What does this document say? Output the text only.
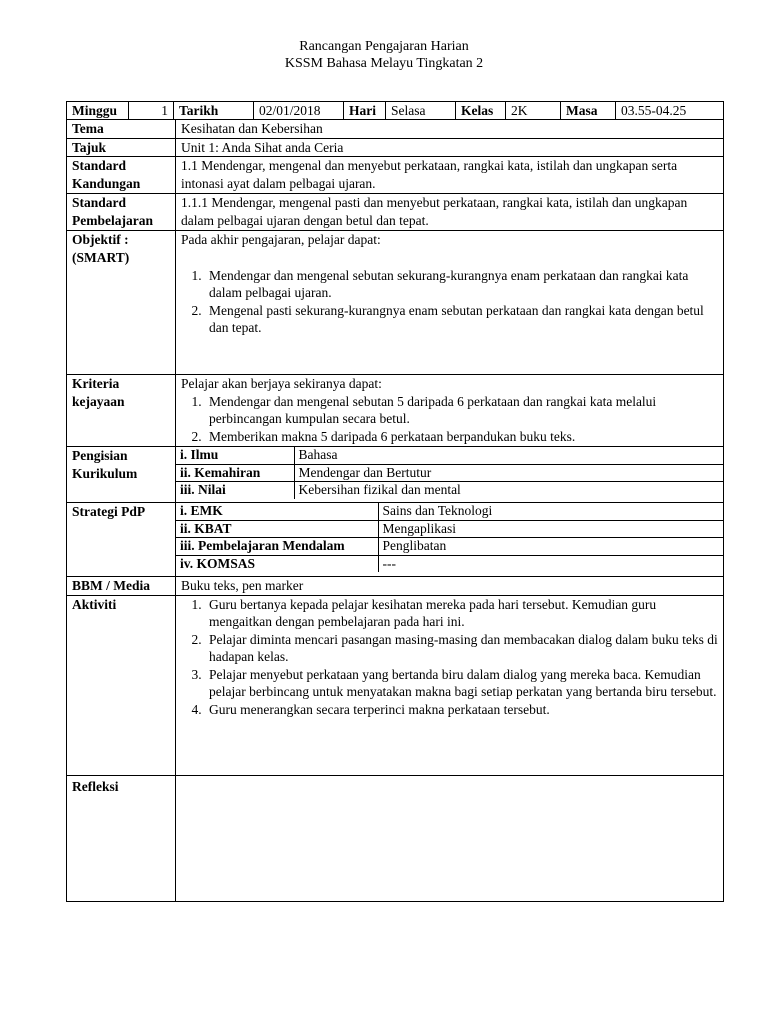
Rancangan Pengajaran Harian
KSSM Bahasa Melayu Tingkatan 2
Minggu	1	Tarikh	02/01/2018	Hari	Selasa	Kelas	2K	Masa	03.55-04.25
Tema	Kesihatan dan Kebersihan
Tajuk	Unit 1: Anda Sihat anda Ceria

Standard
Kandungan
	1.1 Mendengar, mengenal dan menyebut perkataan, rangkai kata, istilah dan ungkapan serta intonasi ayat dalam pelbagai ujaran.

Standard
Pembelajaran
	1.1.1 Mendengar, mengenal pasti dan menyebut perkataan, rangkai kata, istilah dan ungkapan dalam pelbagai ujaran dengan betul dan tepat.

Objektif :
(SMART)

Pada akhir pengajaran, pelajar dapat:
1. Mendengar dan mengenal sebutan sekurang-kurangnya enam perkataan dan rangkai kata dalam pelbagai ujaran.
2. Mengenal pasti sekurang-kurangnya enam sebutan perkataan dan rangkai kata dengan betul dan tepat.

Kriteria
kejayaan

Pelajar akan berjaya sekiranya dapat:
1. Mendengar dan mengenal sebutan 5 daripada 6 perkataan dan rangkai kata melalui perbincangan kumpulan secara betul.
2. Memberikan makna 5 daripada 6 perkataan berpandukan buku teks.

Pengisian
Kurikulum

i. Ilmu	Bahasa
ii. Kemahiran	Mendengar dan Bertutur
iii. Nilai	Kebersihan fizikal dan mental

Strategi PdP		i. EMK	Sains dan Teknologi
ii. KBAT	Mengaplikasi
iii. Pembelajaran Mendalam	Penglibatan
iv. KOMSAS	---

BBM / Media	Buku teks, pen marker
Aktiviti	
1.Guru bertanya kepada pelajar kesihatan mereka pada hari tersebut. Kemudian guru mengaitkan dengan pembelajaran pada hari ini.
2. Pelajar diminta mencari pasangan masing-masing dan membacakan dialog dalam buku teks di hadapan kelas.
3. Pelajar menyebut perkataan yang bertanda biru dalam dialog yang mereka baca. Kemudian pelajar berbincang untuk menyatakan makna bagi setiap perkatan yang bertanda biru tersebut.
4. Guru menerangkan secara terperinci makna perkataan tersebut.

Refleksi	
